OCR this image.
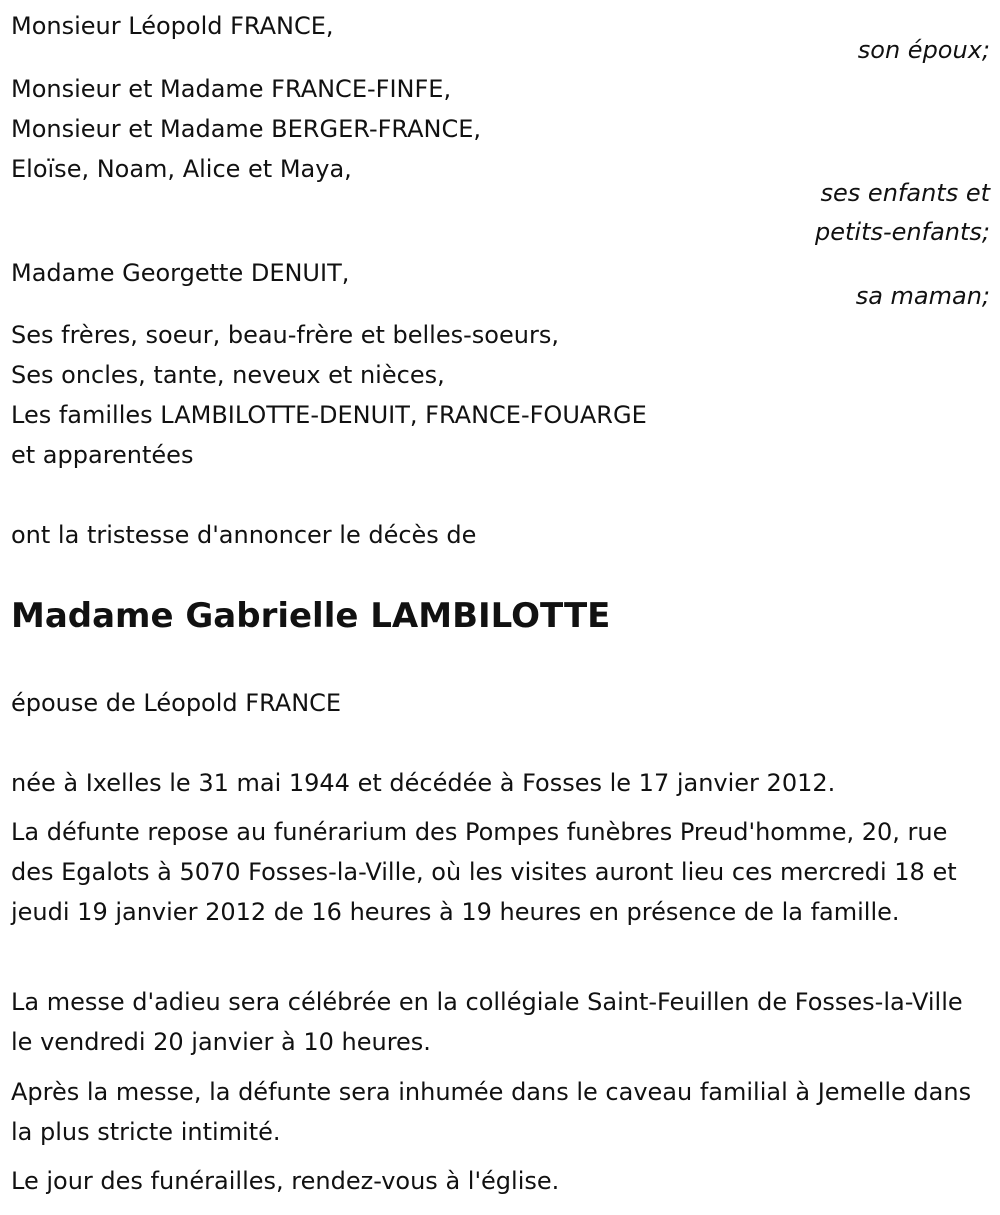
Monsieur Léopold FRANCE,
son époux;
Monsieur et Madame FRANCE-FINFE,
Monsieur et Madame BERGER-FRANCE,
Eloïse, Noam, Alice et Maya,
ses enfants et
petits-enfants;
Madame Georgette DENUIT,
sa maman;
Ses frères, soeur, beau-frère et belles-soeurs,
Ses oncles, tante, neveux et nièces,
Les familles LAMBILOTTE-DENUIT, FRANCE-FOUARGE
et apparentées
ont la tristesse d'annoncer le décès de
Madame Gabrielle LAMBILOTTE
épouse de Léopold FRANCE
née à Ixelles le 31 mai 1944 et décédée à Fosses le 17 janvier 2012.
La défunte repose au funérarium des Pompes funèbres Preud'homme, 20, rue des Egalots à 5070 Fosses-la-Ville, où les visites auront lieu ces mercredi 18 et jeudi 19 janvier 2012 de 16 heures à 19 heures en présence de la famille.
La messe d'adieu sera célébrée en la collégiale Saint-Feuillen de Fosses-la-Ville le vendredi 20 janvier à 10 heures.
Après la messe, la défunte sera inhumée dans le caveau familial à Jemelle dans la plus stricte intimité.
Le jour des funérailles, rendez-vous à l'église.
